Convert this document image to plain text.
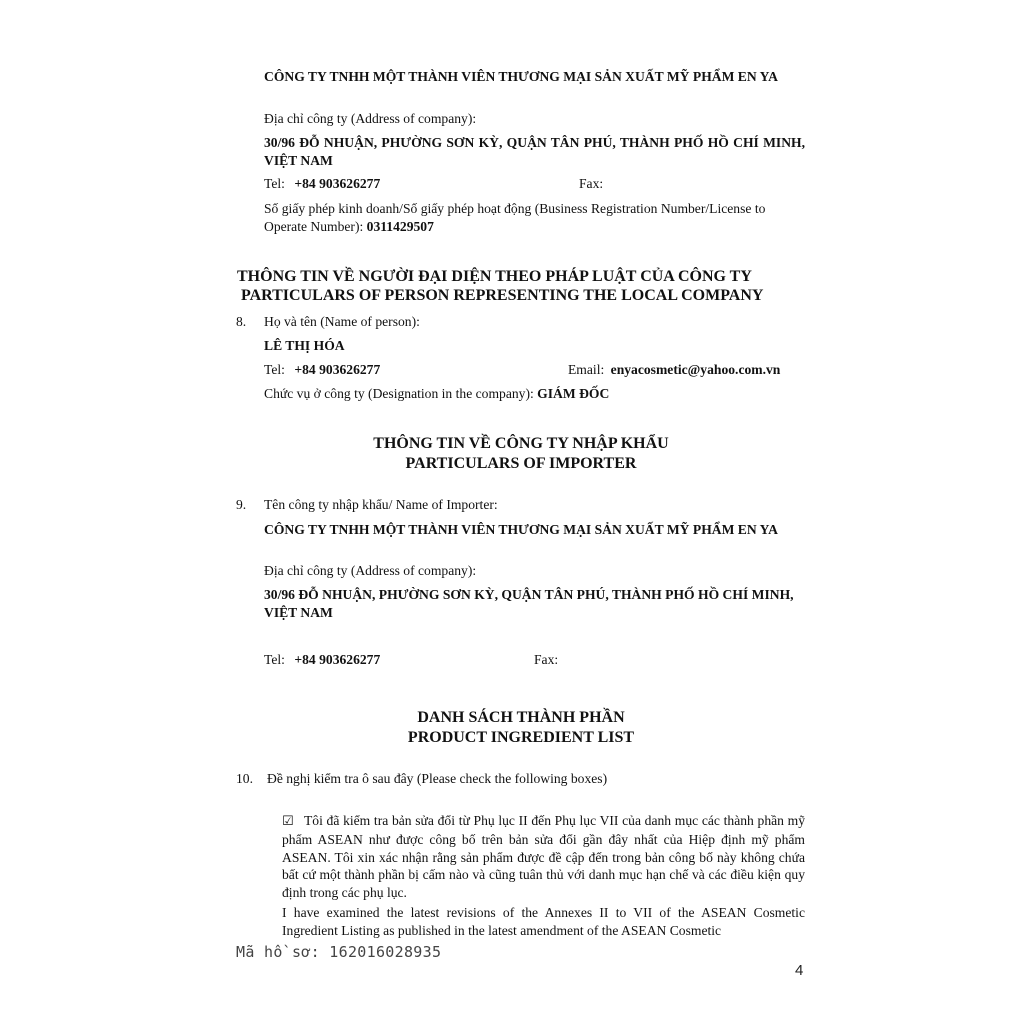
CÔNG TY TNHH MỘT THÀNH VIÊN THƯƠNG MẠI SẢN XUẤT MỸ PHẨM EN YA
Địa chỉ công ty (Address of company):
30/96 ĐỖ NHUẬN, PHƯỜNG SƠN KỲ, QUẬN TÂN PHÚ, THÀNH PHỐ HỒ CHÍ MINH, VIỆT NAM
Tel: +84 903626277	Fax:
Số giấy phép kinh doanh/Số giấy phép hoạt động (Business Registration Number/License to Operate Number): 0311429507
THÔNG TIN VỀ NGƯỜI ĐẠI DIỆN THEO PHÁP LUẬT CỦA CÔNG TY
PARTICULARS OF PERSON REPRESENTING THE LOCAL COMPANY
8. Họ và tên (Name of person):
LÊ THỊ HÓA
Tel: +84 903626277	Email: enyacosmetic@yahoo.com.vn
Chức vụ ở công ty (Designation in the company): GIÁM ĐỐC
THÔNG TIN VỀ CÔNG TY NHẬP KHẨU
PARTICULARS OF IMPORTER
9. Tên công ty nhập khẩu/ Name of Importer:
CÔNG TY TNHH MỘT THÀNH VIÊN THƯƠNG MẠI SẢN XUẤT MỸ PHẨM EN YA
Địa chỉ công ty (Address of company):
30/96 ĐỖ NHUẬN, PHƯỜNG SƠN KỲ, QUẬN TÂN PHÚ, THÀNH PHỐ HỒ CHÍ MINH, VIỆT NAM
Tel: +84 903626277	Fax:
DANH SÁCH THÀNH PHẦN
PRODUCT INGREDIENT LIST
10. Đề nghị kiểm tra ô sau đây (Please check the following boxes)
☑ Tôi đã kiểm tra bản sửa đổi từ Phụ lục II đến Phụ lục VII của danh mục các thành phần mỹ phẩm ASEAN như được công bố trên bản sửa đổi gần đây nhất của Hiệp định mỹ phẩm ASEAN. Tôi xin xác nhận rằng sản phẩm được đề cập đến trong bản công bố này không chứa bất cứ một thành phần bị cấm nào và cũng tuân thủ với danh mục hạn chế và các điều kiện quy định trong các phụ lục.
I have examined the latest revisions of the Annexes II to VII of the ASEAN Cosmetic Ingredient Listing as published in the latest amendment of the ASEAN Cosmetic
Mã hồ sơ: 162016028935
4
